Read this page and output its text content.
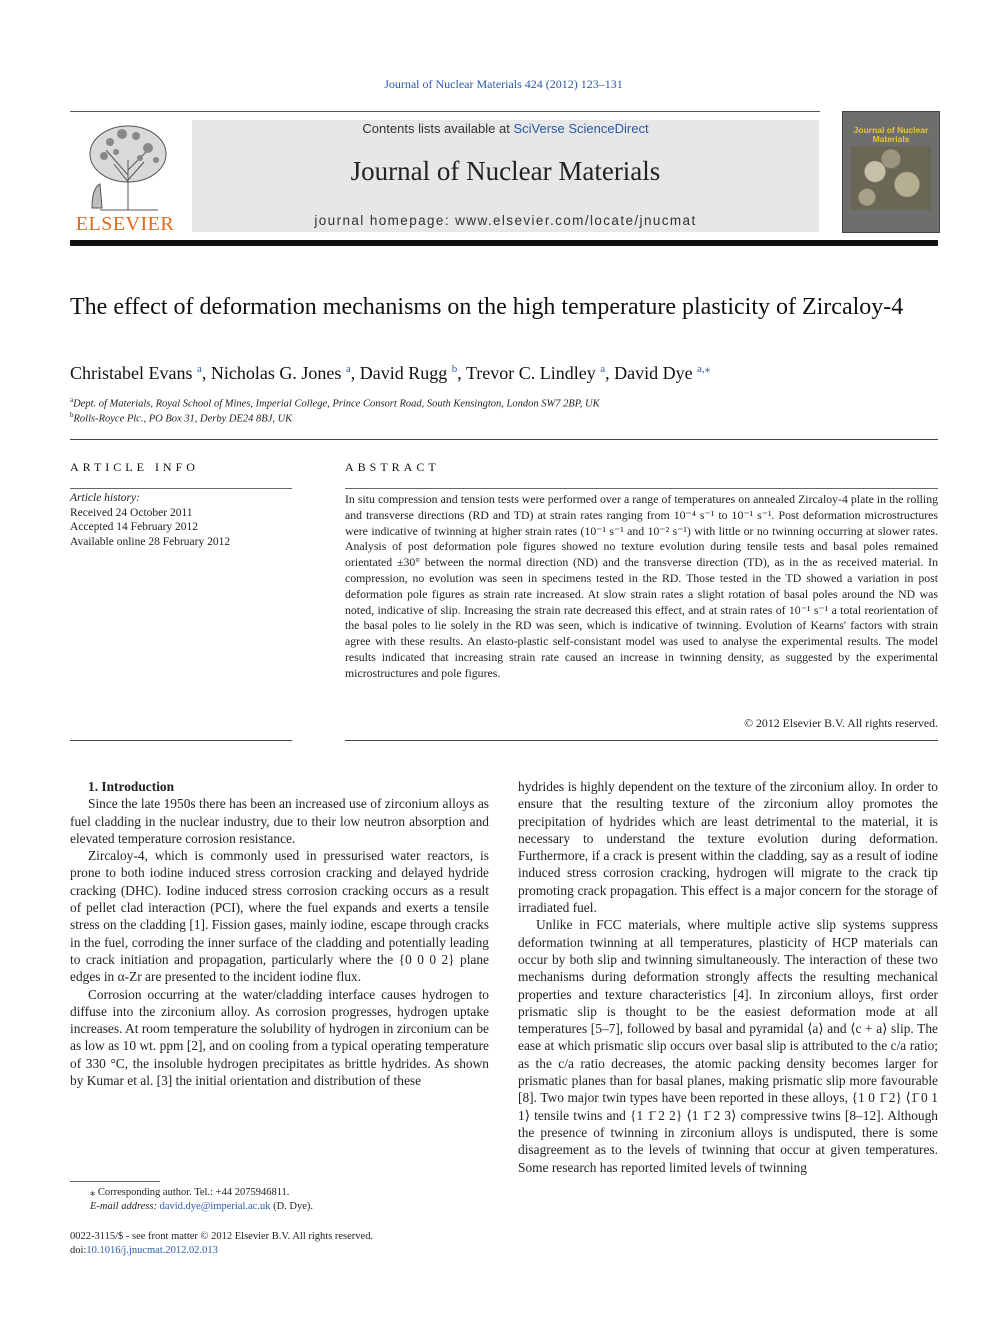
Journal of Nuclear Materials 424 (2012) 123–131
ELSEVIER
Contents lists available at SciVerse ScienceDirect
Journal of Nuclear Materials
journal homepage: www.elsevier.com/locate/jnucmat
Journal of Nuclear Materials
The effect of deformation mechanisms on the high temperature plasticity of Zircaloy-4
Christabel Evans $^a$, Nicholas G. Jones $^a$, David Rugg $^b$, Trevor C. Lindley $^a$, David Dye $^{a,⁎}$
$^a$Dept. of Materials, Royal School of Mines, Imperial College, Prince Consort Road, South Kensington, London SW7 2BP, UK
$^b$Rolls-Royce Plc., PO Box 31, Derby DE24 8BJ, UK
ARTICLE INFO	ABSTRACT
Article history:
Received 24 October 2011
Accepted 14 February 2012
Available online 28 February 2012
In situ compression and tension tests were performed over a range of temperatures on annealed Zircaloy-4 plate in the rolling and transverse directions (RD and TD) at strain rates ranging from 10⁻⁴ s⁻¹ to 10⁻¹ s⁻¹. Post deformation microstructures were indicative of twinning at higher strain rates (10⁻¹ s⁻¹ and 10⁻² s⁻¹) with little or no twinning occurring at slower rates. Analysis of post deformation pole figures showed no texture evolution during tensile tests and basal poles remained orientated ±30° between the normal direction (ND) and the transverse direction (TD), as in the as received material. In compression, no evolution was seen in specimens tested in the RD. Those tested in the TD showed a variation in post deformation pole figures as strain rate increased. At slow strain rates a slight rotation of basal poles around the ND was noted, indicative of slip. Increasing the strain rate decreased this effect, and at strain rates of 10⁻¹ s⁻¹ a total reorientation of the basal poles to lie solely in the RD was seen, which is indicative of twinning. Evolution of Kearns' factors with strain agree with these results. An elasto-plastic self-consistant model was used to analyse the experimental results. The model results indicated that increasing strain rate caused an increase in twinning density, as suggested by the experimental microstructures and pole figures.
© 2012 Elsevier B.V. All rights reserved.

1. Introduction

Since the late 1950s there has been an increased use of zirconium alloys as fuel cladding in the nuclear industry, due to their low neutron absorption and elevated temperature corrosion resistance.

Zircaloy-4, which is commonly used in pressurised water reactors, is prone to both iodine induced stress corrosion cracking and delayed hydride cracking (DHC). Iodine induced stress corrosion cracking occurs as a result of pellet clad interaction (PCI), where the fuel expands and exerts a tensile stress on the cladding [1]. Fission gases, mainly iodine, escape through cracks in the fuel, corroding the inner surface of the cladding and potentially leading to crack initiation and propagation, particularly where the {0 0 0 2} plane edges in α-Zr are presented to the incident iodine flux.

Corrosion occurring at the water/cladding interface causes hydrogen to diffuse into the zirconium alloy. As corrosion progresses, hydrogen uptake increases. At room temperature the solubility of hydrogen in zirconium can be as low as 10 wt. ppm [2], and on cooling from a typical operating temperature of 330 °C, the insoluble hydrogen precipitates as brittle hydrides. As shown by Kumar et al. [3] the initial orientation and distribution of these

hydrides is highly dependent on the texture of the zirconium alloy. In order to ensure that the resulting texture of the zirconium alloy promotes the precipitation of hydrides which are least detrimental to the material, it is necessary to understand the texture evolution during deformation. Furthermore, if a crack is present within the cladding, say as a result of iodine induced stress corrosion cracking, hydrogen will migrate to the crack tip promoting crack propagation. This effect is a major concern for the storage of irradiated fuel.

Unlike in FCC materials, where multiple active slip systems suppress deformation twinning at all temperatures, plasticity of HCP materials can occur by both slip and twinning simultaneously. The interaction of these two mechanisms during deformation strongly affects the resulting mechanical properties and texture characteristics [4]. In zirconium alloys, first order prismatic slip is thought to be the easiest deformation mode at all temperatures [5–7], followed by basal and pyramidal ⟨a⟩ and ⟨c + a⟩ slip. The ease at which prismatic slip occurs over basal slip is attributed to the c/a ratio; as the c/a ratio decreases, the atomic packing density becomes larger for prismatic planes than for basal planes, making prismatic slip more favourable [8]. Two major twin types have been reported in these alloys, {1 0 1̄ 2} ⟨1̄ 0 1 1⟩ tensile twins and {1 1̄ 2 2} ⟨1 1̄ 2 3⟩ compressive twins [8–12]. Although the presence of twinning in zirconium alloys is undisputed, there is some disagreement as to the levels of twinning that occur at given temperatures. Some research has reported limited levels of twinning

⁎ Corresponding author. Tel.: +44 2075946811.
E-mail address: david.dye@imperial.ac.uk (D. Dye).
0022-3115/$ - see front matter © 2012 Elsevier B.V. All rights reserved.
doi:10.1016/j.jnucmat.2012.02.013
